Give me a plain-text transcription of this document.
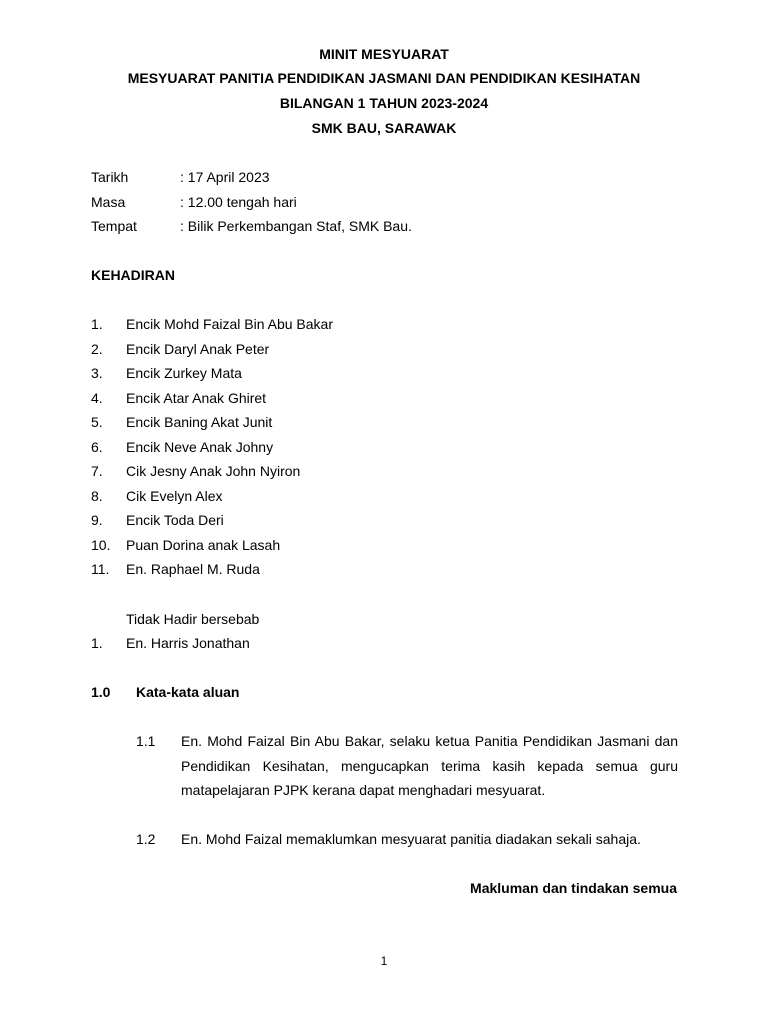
MINIT MESYUARAT
MESYUARAT PANITIA PENDIDIKAN JASMANI DAN PENDIDIKAN KESIHATAN
BILANGAN 1 TAHUN 2023-2024
SMK BAU, SARAWAK
Tarikh	: 17 April 2023
Masa	: 12.00 tengah hari
Tempat	: Bilik Perkembangan Staf, SMK Bau.
KEHADIRAN
1. Encik Mohd Faizal Bin Abu Bakar
2. Encik Daryl Anak Peter
3. Encik Zurkey Mata
4. Encik Atar Anak Ghiret
5. Encik Baning Akat Junit
6. Encik Neve Anak Johny
7. Cik Jesny Anak John Nyiron
8. Cik Evelyn Alex
9. Encik Toda Deri
10. Puan Dorina anak Lasah
11. En. Raphael M. Ruda
Tidak Hadir bersebab
1. En. Harris Jonathan
1.0 Kata-kata aluan
1.1 En. Mohd Faizal Bin Abu Bakar, selaku ketua Panitia Pendidikan Jasmani dan
Pendidikan Kesihatan, mengucapkan terima kasih kepada semua guru
matapelajaran PJPK kerana dapat menghadari mesyuarat.
1.2 En. Mohd Faizal memaklumkan mesyuarat panitia diadakan sekali sahaja.
Makluman dan tindakan semua
1
